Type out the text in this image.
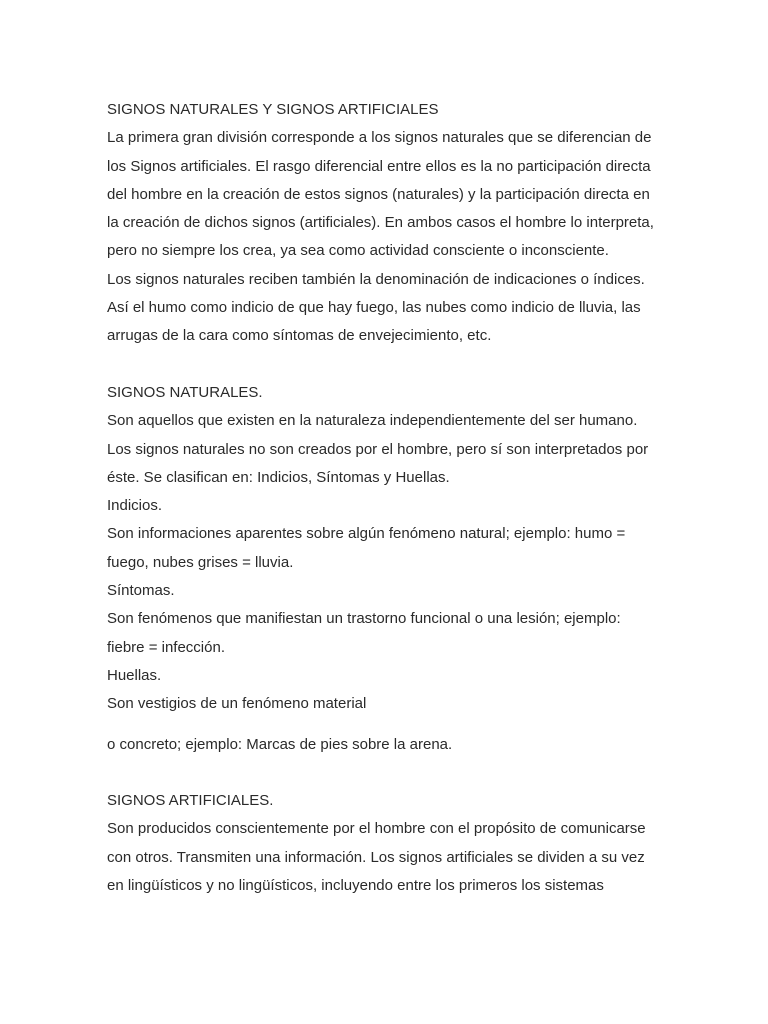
SIGNOS NATURALES Y SIGNOS ARTIFICIALES
La primera gran división corresponde a los signos naturales que se diferencian de
los Signos artificiales. El rasgo diferencial entre ellos es la no participación directa
del hombre en la creación de estos signos (naturales) y la participación directa en
la creación de dichos signos (artificiales). En ambos casos el hombre lo interpreta,
pero no siempre los crea, ya sea como actividad consciente o inconsciente.
Los signos naturales reciben también la denominación de indicaciones o índices.
Así el humo como indicio de que hay fuego, las nubes como indicio de lluvia, las
arrugas de la cara como síntomas de envejecimiento, etc.
SIGNOS NATURALES.
Son aquellos que existen en la naturaleza independientemente del ser humano.
Los signos naturales no son creados por el hombre, pero sí son interpretados por
éste. Se clasifican en: Indicios, Síntomas y Huellas.
Indicios.
Son informaciones aparentes sobre algún fenómeno natural; ejemplo: humo =
fuego, nubes grises = lluvia.
Síntomas.
Son fenómenos que manifiestan un trastorno funcional o una lesión; ejemplo:
fiebre = infección.
Huellas.
Son vestigios de un fenómeno material
o concreto; ejemplo: Marcas de pies sobre la arena.
SIGNOS ARTIFICIALES.
Son producidos conscientemente por el hombre con el propósito de comunicarse
con otros. Transmiten una información. Los signos artificiales se dividen a su vez
en lingüísticos y no lingüísticos, incluyendo entre los primeros los sistemas
